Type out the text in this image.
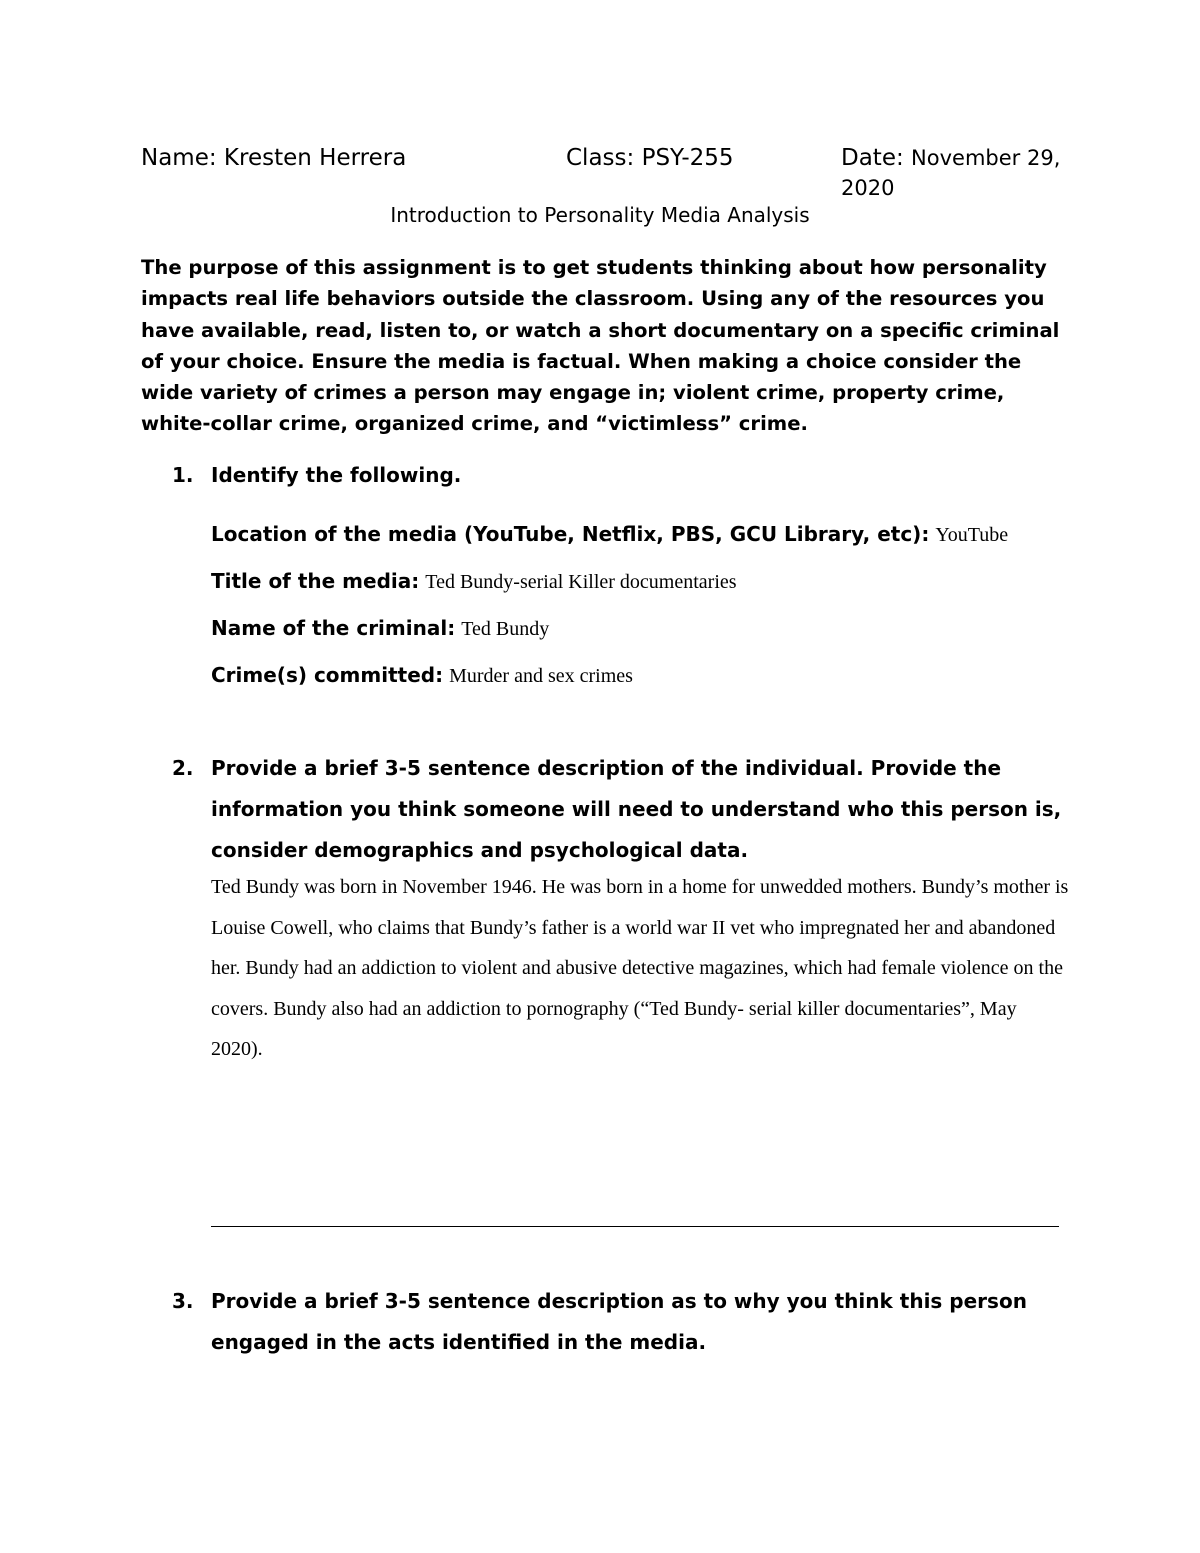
Name: Kresten Herrera	Class: PSY-255	Date: November 29, 2020
Introduction to Personality Media Analysis

The purpose of this assignment is to get students thinking about how personality impacts real life behaviors outside the classroom. Using any of the resources you have available, read, listen to, or watch a short documentary on a specific criminal of your choice. Ensure the media is factual. When making a choice consider the wide variety of crimes a person may engage in; violent crime, property crime, white-collar crime, organized crime, and “victimless” crime.

1. Identify the following.

Location of the media (YouTube, Netflix, PBS, GCU Library, etc): YouTube
Title of the media: Ted Bundy-serial Killer documentaries
Name of the criminal: Ted Bundy
Crime(s) committed: Murder and sex crimes
2. Provide a brief 3-5 sentence description of the individual. Provide the information you think someone will need to understand who this person is, consider demographics and psychological data.

Ted Bundy was born in November 1946. He was born in a home for unwedded mothers. Bundy’s mother is Louise Cowell, who claims that Bundy’s father is a world war II vet who impregnated her and abandoned her. Bundy had an addiction to violent and abusive detective magazines, which had female violence on the covers. Bundy also had an addiction to pornography (“Ted Bundy- serial killer documentaries”, May 2020).

3. Provide a brief 3-5 sentence description as to why you think this person engaged in the acts identified in the media.
